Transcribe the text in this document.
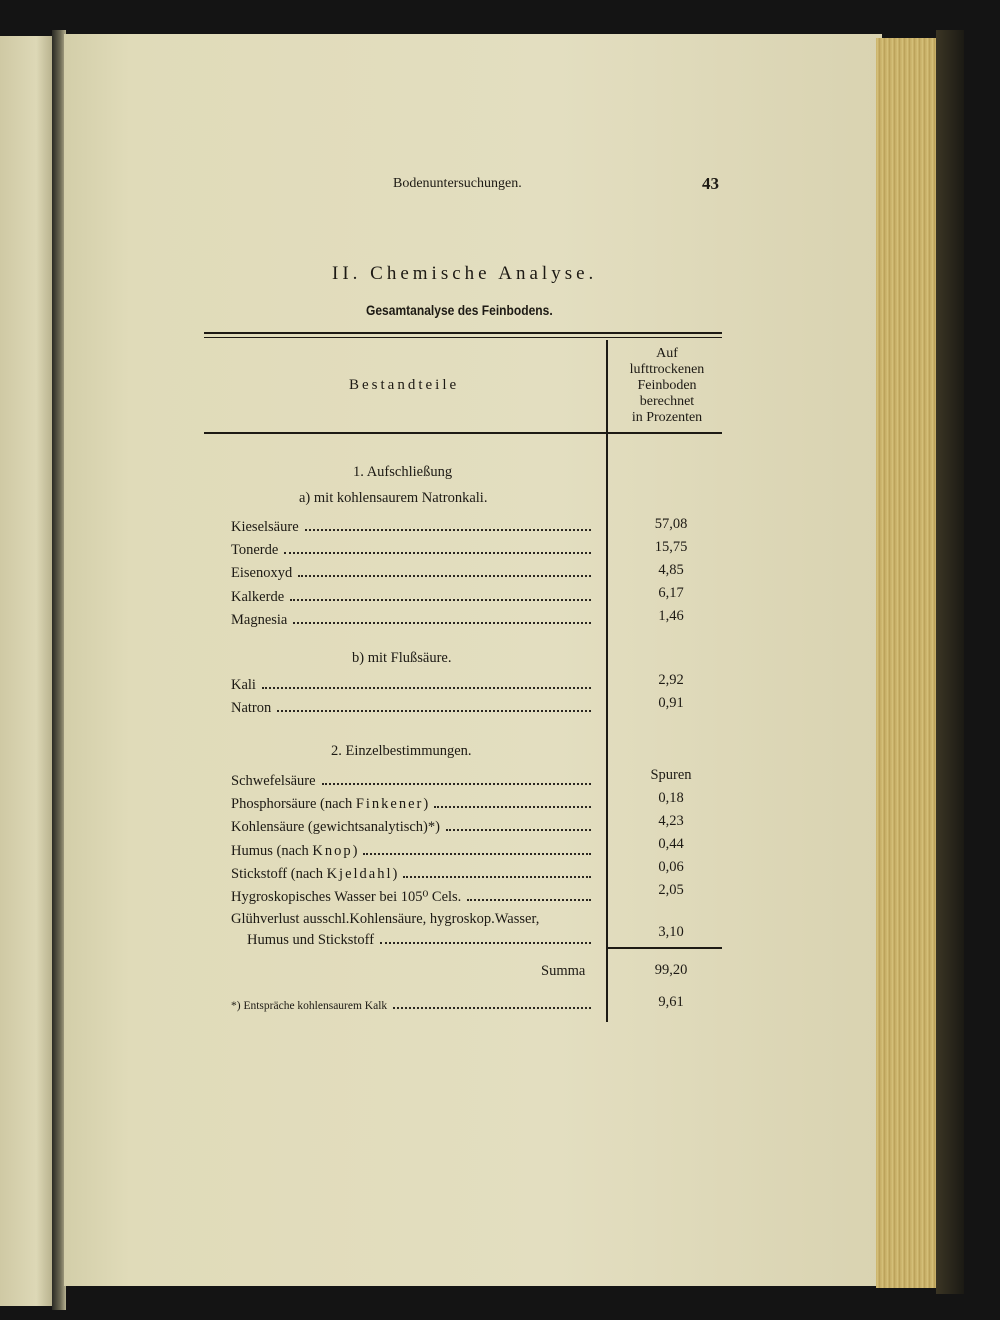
Bodenuntersuchungen.	43
II. Chemische Analyse.
Gesamtanalyse des Feinbodens.
Bestandteile
Auf
lufttrockenen
Feinboden
berechnet
in Prozenten
1. Aufschließung
a) mit kohlensaurem Natronkali.
Kieselsäure	57,08
Tonerde	15,75
Eisenoxyd	4,85
Kalkerde	6,17
Magnesia	1,46
b) mit Flußsäure.
Kali	2,92
Natron	0,91
2. Einzelbestimmungen.
Schwefelsäure	Spuren
Phosphorsäure (nach Finkener)	0,18
Kohlensäure (gewichtsanalytisch)*)	4,23
Humus (nach Knop)	0,44
Stickstoff (nach Kjeldahl)	0,06
Hygroskopisches Wasser bei 105⁰ Cels.	2,05
Glühverlust ausschl.Kohlensäure, hygroskop.Wasser,
Humus und Stickstoff	3,10
Summa	99,20
*) Entspräche kohlensaurem Kalk	9,61
